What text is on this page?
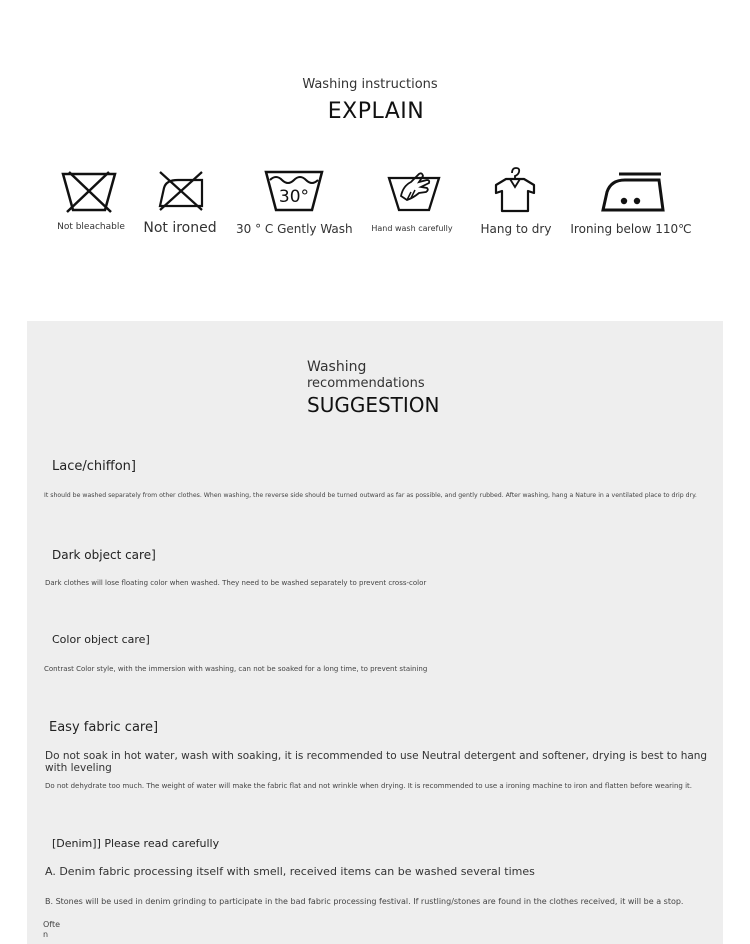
Washing instructions
EXPLAIN
Not bleachable	Not ironed
30°
30 ° C Gently Wash	Hand wash carefully	Hang to dry	Ironing below 110℃
Washing
recommendations
SUGGESTION
Lace/chiffon]
It should be washed separately from other clothes. When washing, the reverse side should be turned outward as far as possible, and gently rubbed. After washing, hang a Nature in a ventilated place to drip dry.
Dark object care]
Dark clothes will lose floating color when washed. They need to be washed separately to prevent cross-color
Color object care]
Contrast Color style, with the immersion with washing, can not be soaked for a long time, to prevent staining
Easy fabric care]
Do not soak in hot water, wash with soaking, it is recommended to use Neutral detergent and softener, drying is best to hang with leveling
Do not dehydrate too much. The weight of water will make the fabric flat and not wrinkle when drying. It is recommended to use a ironing machine to iron and flatten before wearing it.
[Denim]] Please read carefully
A. Denim fabric processing itself with smell, received items can be washed several times
B. Stones will be used in denim grinding to participate in the bad fabric processing festival. If rustling/stones are found in the clothes received, it will be a stop.
Ofte
n
